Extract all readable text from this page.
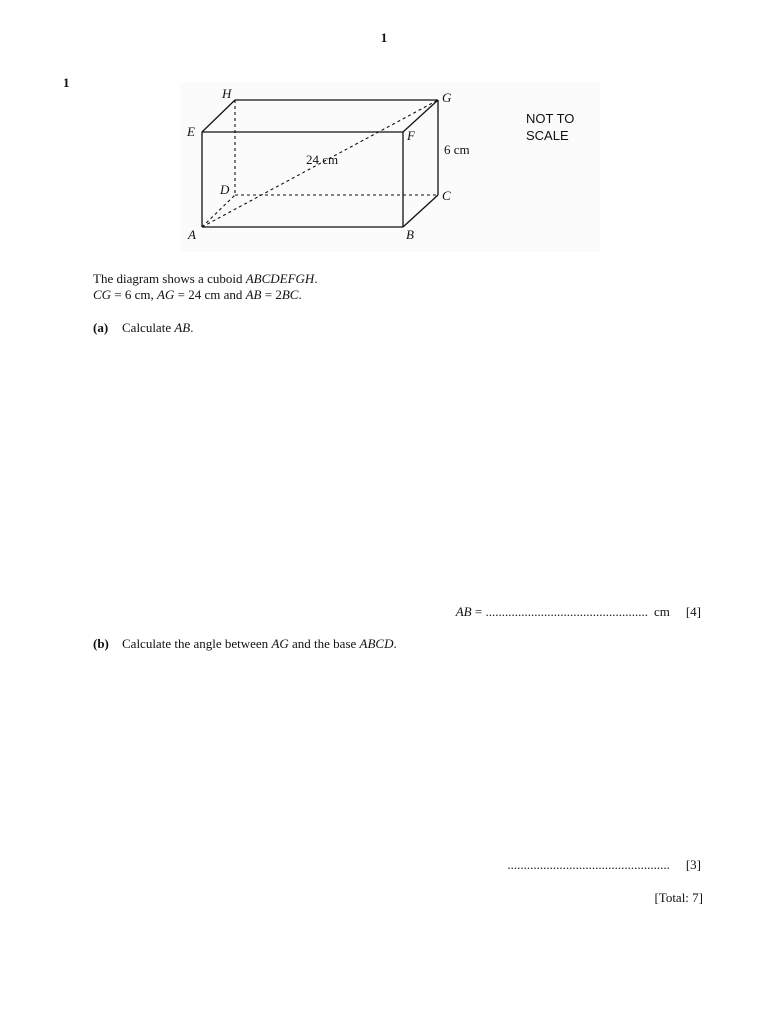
1
1
H	G
E	F
D	C
A	B
24 cm
6 cm
NOT TO
SCALE
The diagram shows a cuboid ABCDEFGH.
CG = 6 cm, AG = 24 cm and AB = 2BC.
(a) Calculate AB.
AB = .................................................. cm [4]
(b) Calculate the angle between AG and the base ABCD.
.................................................. [3]
[Total: 7]
